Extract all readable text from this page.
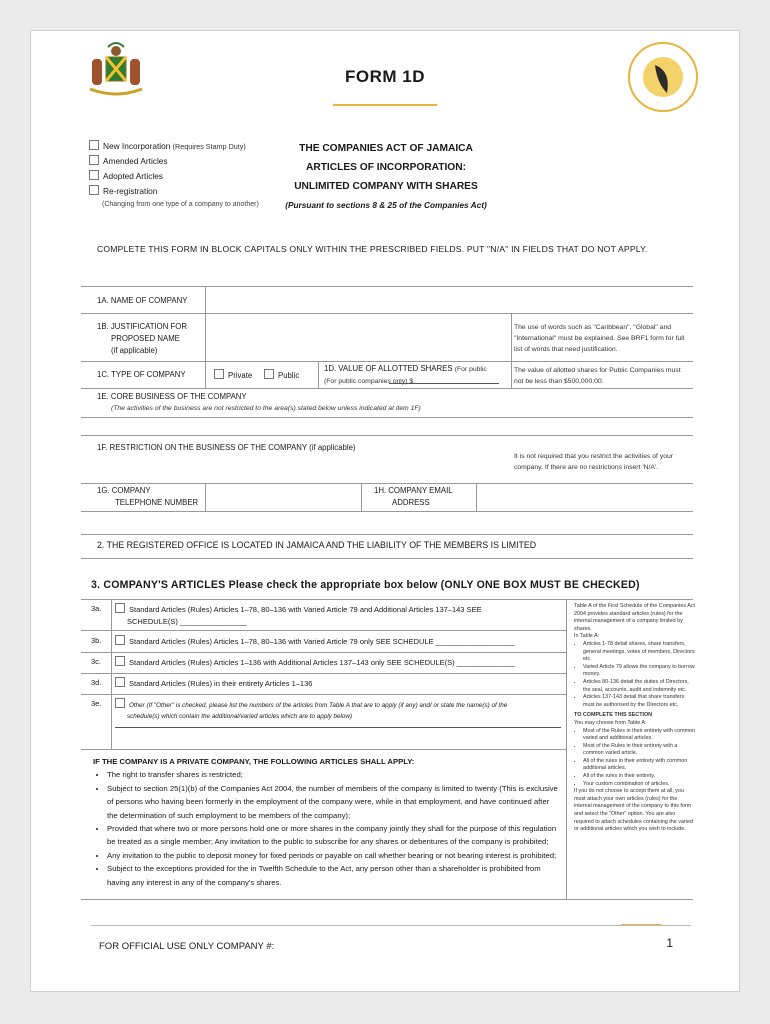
FORM 1D
New Incorporation (Requires Stamp Duty)
Amended Articles
Adopted Articles
Re-registration
(Changing from one type of a company to another)
THE COMPANIES ACT OF JAMAICA
ARTICLES OF INCORPORATION:
UNLIMITED COMPANY WITH SHARES
(Pursuant to sections 8 & 25 of the Companies Act)
COMPLETE THIS FORM IN BLOCK CAPITALS ONLY WITHIN THE PRESCRIBED FIELDS. PUT "N/A" IN FIELDS THAT DO NOT APPLY.
1A. NAME OF COMPANY
1B. JUSTIFICATION FOR
PROPOSED NAME
(if applicable)
The use of words such as "Caribbean", "Global" and "International" must be explained. See BRF1 form for full list of words that need justification.
1C. TYPE OF COMPANY	Private	Public
1D. VALUE OF ALLOTTED SHARES (For public
(For public companies only) $
The value of allotted shares for Public Companies must not be less than $500,000.00.
1E. CORE BUSINESS OF THE COMPANY
(The activities of the business are not restricted to the area(s) stated below unless indicated at item 1F)
1F. RESTRICTION ON THE BUSINESS OF THE COMPANY (if applicable)
It is not required that you restrict the activities of your company. If there are no restrictions insert 'N/A'.
1G. COMPANY
TELEPHONE NUMBER
1H. COMPANY EMAIL
ADDRESS
2. THE REGISTERED OFFICE IS LOCATED IN JAMAICA AND THE LIABILITY OF THE MEMBERS IS LIMITED
3. COMPANY'S ARTICLES Please check the appropriate box below (ONLY ONE BOX MUST BE CHECKED)
3a.	Standard Articles (Rules) Articles 1–78, 80–136 with Varied Article 79 and Additional Articles 137–143 SEE
SCHEDULE(S) ________________
3b.	Standard Articles (Rules) Articles 1–78, 80–136 with Varied Article 79 only SEE SCHEDULE ___________________
3c.	Standard Articles (Rules) Articles 1–136 with Additional Articles 137–143 only SEE SCHEDULE(S) ______________
3d.	Standard Articles (Rules) in their entirety Articles 1–136
3e.	Other (If "Other" is checked, please list the numbers of the articles from Table A that are to apply (if any) and/ or state the name(s) of the
schedule(s) which contain the additional/varied articles which are to apply below)
IF THE COMPANY IS A PRIVATE COMPANY, THE FOLLOWING ARTICLES SHALL APPLY:
• The right to transfer shares is restricted;
• Subject to section 25(1)(b) of the Companies Act 2004, the number of members of the company is limited to twenty (This is exclusive of persons who having been formerly in the employment of the company were, while in that employment, and have continued after the determination of such employment to be members of the company);
• Provided that where two or more persons hold one or more shares in the company jointly they shall for the purpose of this regulation be treated as a single member; Any invitation to the public to subscribe for any shares or debentures of the company is prohibited;
• Any invitation to the public to deposit money for fixed periods or payable on call whether bearing or not bearing interest is prohibited;
• Subject to the exceptions provided for the in Twelfth Schedule to the Act, any person other than a shareholder is prohibited from having any interest in any of the company's shares.
Table A of the First Schedule of the Companies Act 2004 provides standard articles (rules) for the internal management of a company limited by shares.
In Table A:
• Articles 1-78 detail shares, share transfers, general meetings, votes of members, Directors etc.
• Varied Article 79 allows the company to borrow money.
• Articles 80-136 detail the duties of Directors, the seal, accounts, audit and indemnity etc.
• Articles 137-143 detail that share transfers must be authorised by the Directors etc.
TO COMPLETE THIS SECTION
You may choose from Table A:
• Most of the Rules in their entirety with common varied and additional articles.
• Most of the Rules in their entirety with a common varied article.
• All of the rules in their entirety with common additional articles.
• All of the rules in their entirety.
• Your custom combination of articles.
If you do not choose to accept them at all, you must attach your own articles (rules) for the internal management of the company to this form and select the "Other" option. You are also required to attach schedules containing the varied or additional articles which you wish to include.
FOR OFFICIAL USE ONLY COMPANY #:	1
